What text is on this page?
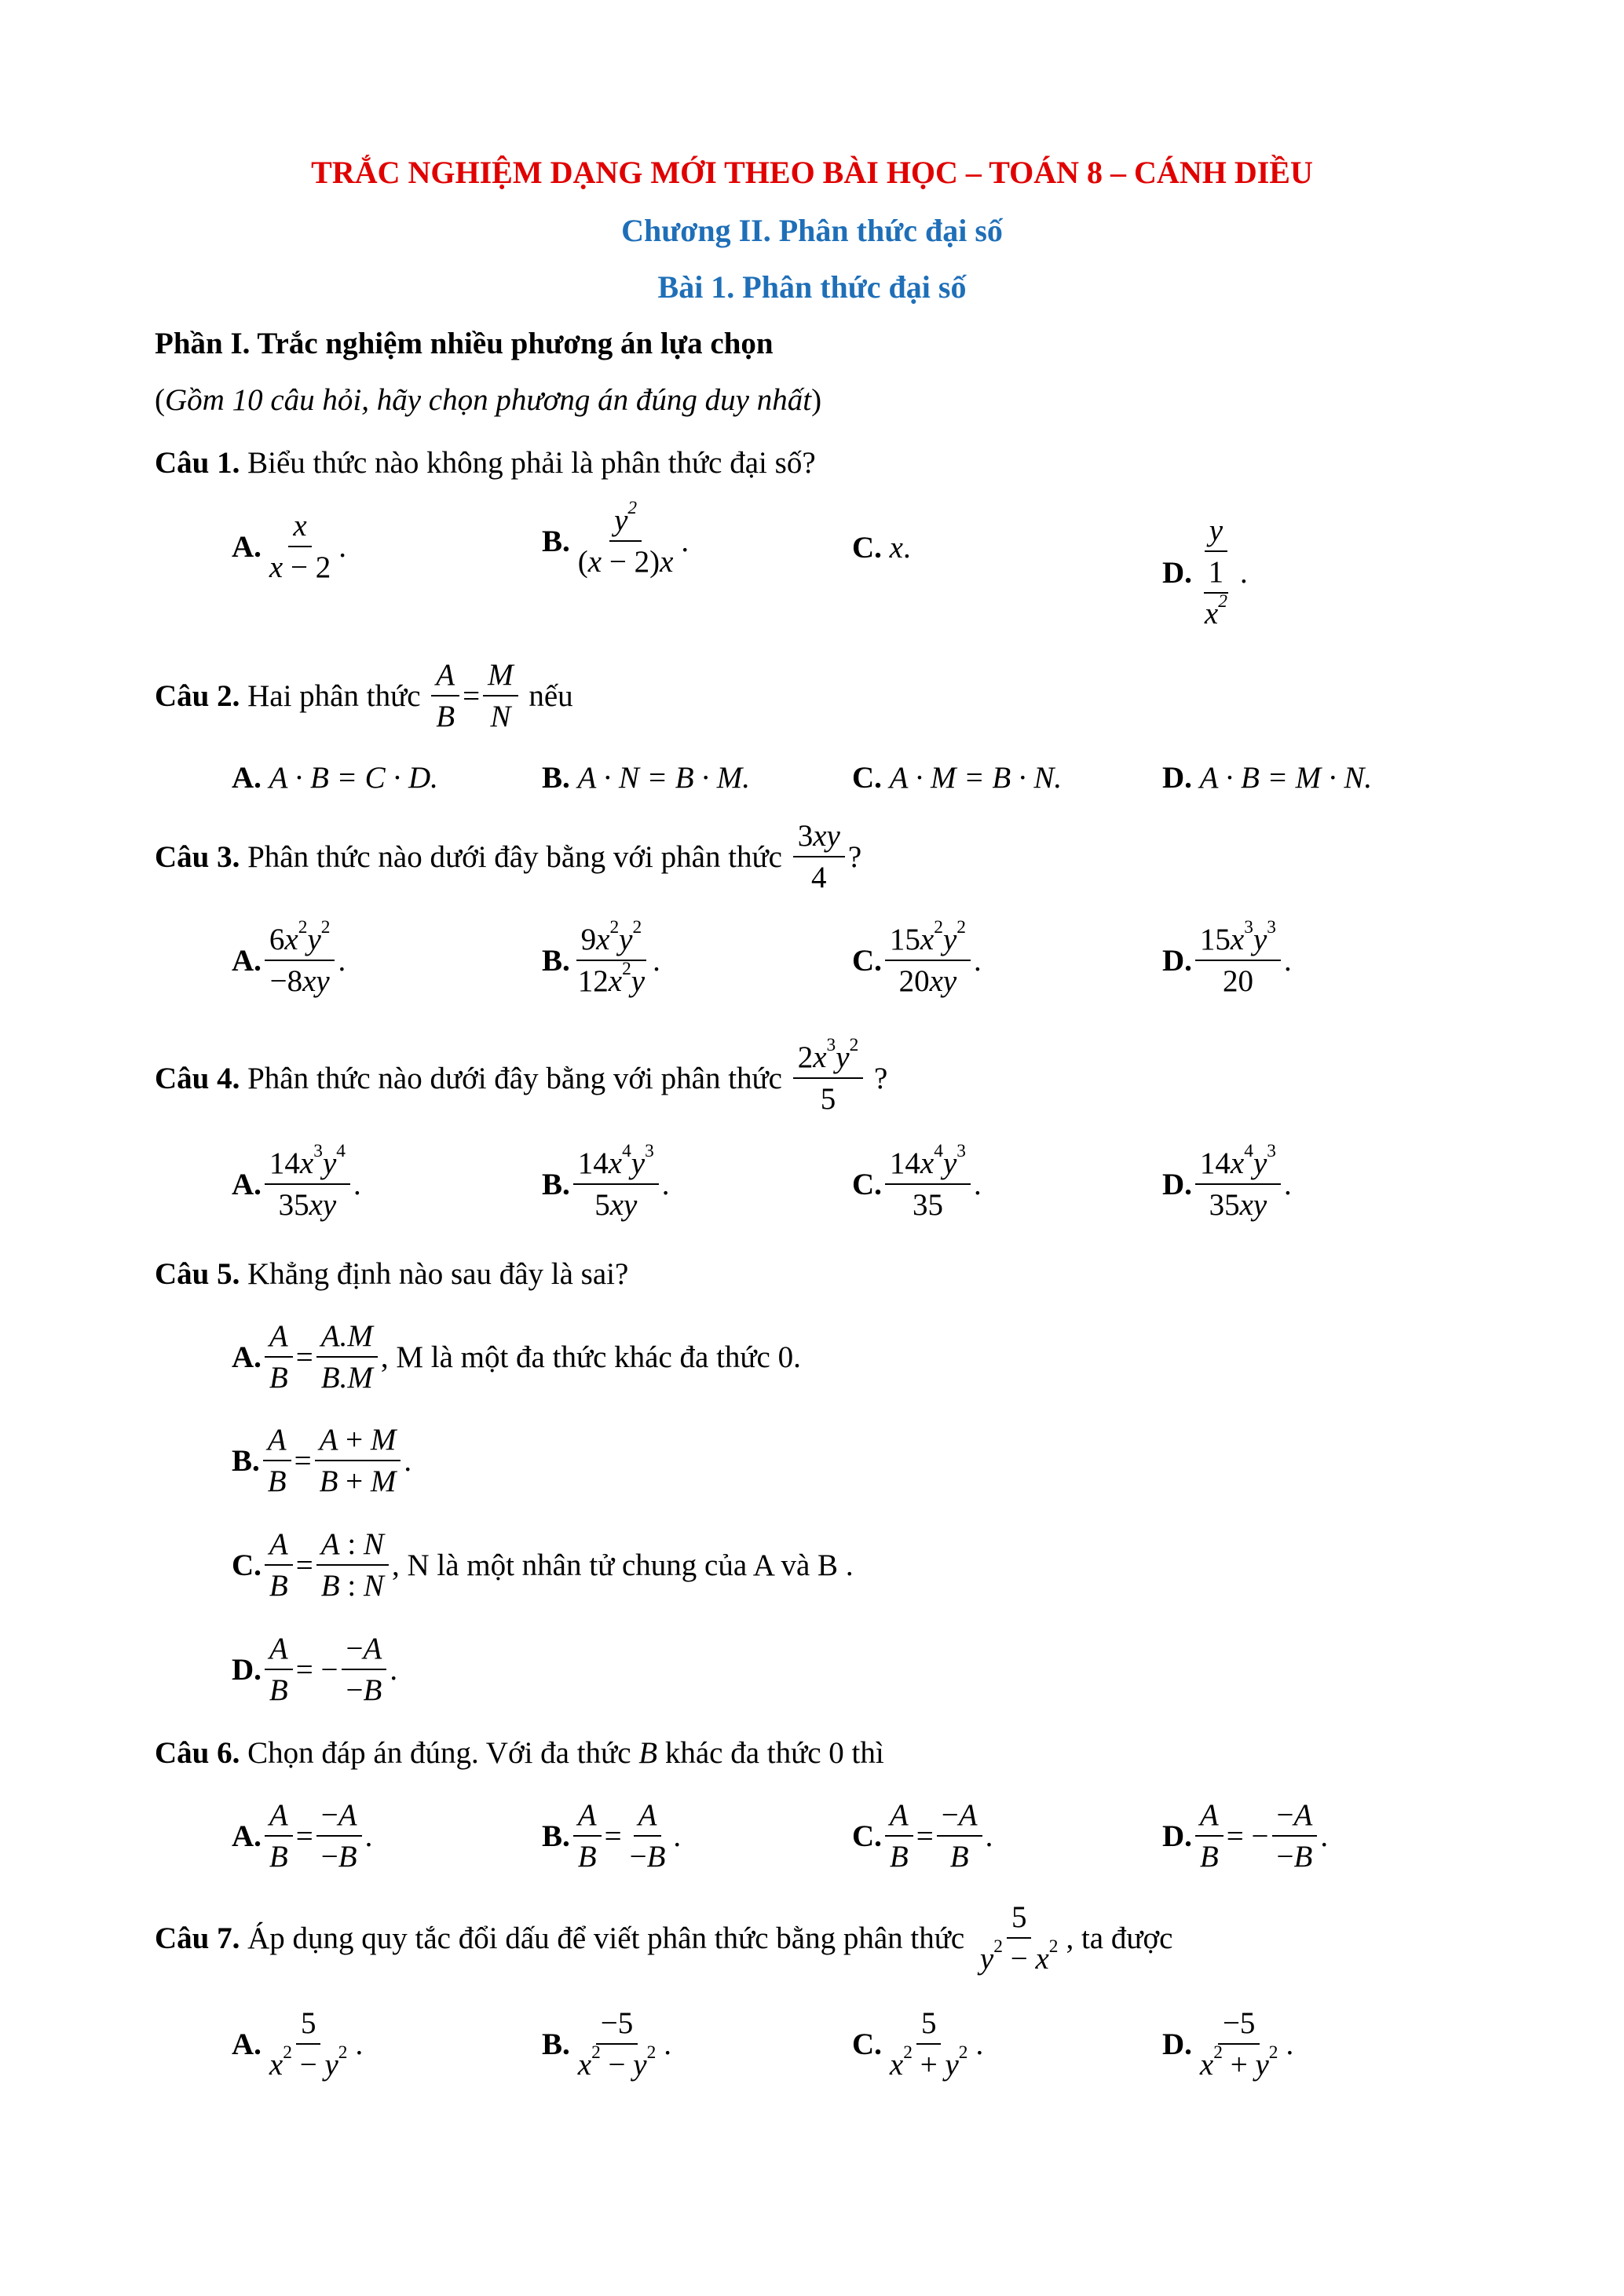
TRẮC NGHIỆM DẠNG MỚI THEO BÀI HỌC – TOÁN 8 – CÁNH DIỀU
Chương II. Phân thức đại số
Bài 1. Phân thức đại số
Phần I. Trắc nghiệm nhiều phương án lựa chọn
(Gồm 10 câu hỏi, hãy chọn phương án đúng duy nhất)
Câu 1. Biểu thức nào không phải là phân thức đại số?
A. $\frac{x}{x - 2}$ .	B. $\frac{y^2}{(x - 2)x}$ .	C.
x .
D. $\frac{y}{\frac{1}{x^2}}$ .
Câu 2.
Hai phân thức
$\frac{A}{B} = \frac{M}{N}$
nếu
A.
A · B = C · D.	B.
A · N = B · M.	C.
A · M = B · N.	D.
A · B = M · N.
Câu 3.
Phân thức nào dưới đây bằng với phân thức
$\frac{3xy}{4}$ ?
A. $\frac{6x^2y^2}{-8xy}$ .	B. $\frac{9x^2y^2}{12x^2y}$ .	C. $\frac{15x^2y^2}{20xy}$ .	D. $\frac{15x^3y^3}{20}$ .
Câu 4.
Phân thức nào dưới đây bằng với phân thức
$\frac{2x^3y^2}{5}$
?
A. $\frac{14x^3y^4}{35xy}$ .	B. $\frac{14x^4y^3}{5xy}$ .	C. $\frac{14x^4y^3}{35}$ .	D. $\frac{14x^4y^3}{35xy}$ .
Câu 5. Khẳng định nào sau đây là sai?
A. $\frac{A}{B} = \frac{A.M}{B.M}$ , M là một đa thức khác đa thức 0.
B. $\frac{A}{B} = \frac{A + M}{B + M}$ .
C. $\frac{A}{B} = \frac{A : N}{B : N}$ , N là một nhân tử chung của A và B .
D. $\frac{A}{B}$ = − $\frac{-A}{-B}$ .
Câu 6. Chọn đáp án đúng. Với đa thức B khác đa thức 0 thì
A. $\frac{A}{B} = \frac{-A}{-B}$ .	B. $\frac{A}{B} = \frac{A}{-B}$ .	C. $\frac{A}{B} = \frac{-A}{B}$ .	D. $\frac{A}{B}$ = − $\frac{-A}{-B}$ .
Câu 7.
Áp dụng quy tắc đổi dấu để viết phân thức bằng phân thức
$\frac{5}{y^2 - x^2}$ , ta được
A. $\frac{5}{x^2 - y^2}$ .	B. $\frac{-5}{x^2 - y^2}$ .	C. $\frac{5}{x^2 + y^2}$ .	D. $\frac{-5}{x^2 + y^2}$ .
